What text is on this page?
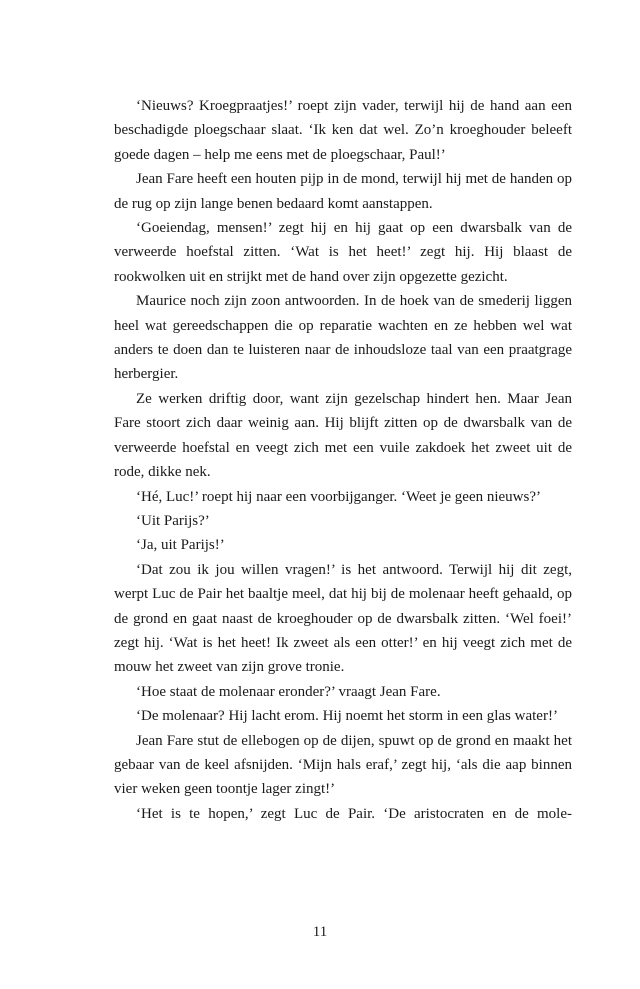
‘Nieuws? Kroegpraatjes!’ roept zijn vader, terwijl hij de hand aan een beschadigde ploegschaar slaat. ‘Ik ken dat wel. Zo’n kroeghouder beleeft goede dagen – help me eens met de ploegschaar, Paul!’

Jean Fare heeft een houten pijp in de mond, terwijl hij met de handen op de rug op zijn lange benen bedaard komt aanstappen.

‘Goeiendag, mensen!’ zegt hij en hij gaat op een dwarsbalk van de verweerde hoefstal zitten. ‘Wat is het heet!’ zegt hij. Hij blaast de rookwolken uit en strijkt met de hand over zijn opgezette gezicht.

Maurice noch zijn zoon antwoorden. In de hoek van de smederij liggen heel wat gereedschappen die op reparatie wachten en ze hebben wel wat anders te doen dan te luisteren naar de inhoudsloze taal van een praatgrage herbergier.

Ze werken driftig door, want zijn gezelschap hindert hen. Maar Jean Fare stoort zich daar weinig aan. Hij blijft zitten op de dwarsbalk van de verweerde hoefstal en veegt zich met een vuile zakdoek het zweet uit de rode, dikke nek.

‘Hé, Luc!’ roept hij naar een voorbijganger. ‘Weet je geen nieuws?’

‘Uit Parijs?’

‘Ja, uit Parijs!’

‘Dat zou ik jou willen vragen!’ is het antwoord. Terwijl hij dit zegt, werpt Luc de Pair het baaltje meel, dat hij bij de molenaar heeft gehaald, op de grond en gaat naast de kroeghouder op de dwarsbalk zitten. ‘Wel foei!’ zegt hij. ‘Wat is het heet! Ik zweet als een otter!’ en hij veegt zich met de mouw het zweet van zijn grove tronie.

‘Hoe staat de molenaar eronder?’ vraagt Jean Fare.

‘De molenaar? Hij lacht erom. Hij noemt het storm in een glas water!’

Jean Fare stut de ellebogen op de dijen, spuwt op de grond en maakt het gebaar van de keel afsnijden. ‘Mijn hals eraf,’ zegt hij, ‘als die aap binnen vier weken geen toontje lager zingt!’

‘Het is te hopen,’ zegt Luc de Pair. ‘De aristocraten en de mole-

11
